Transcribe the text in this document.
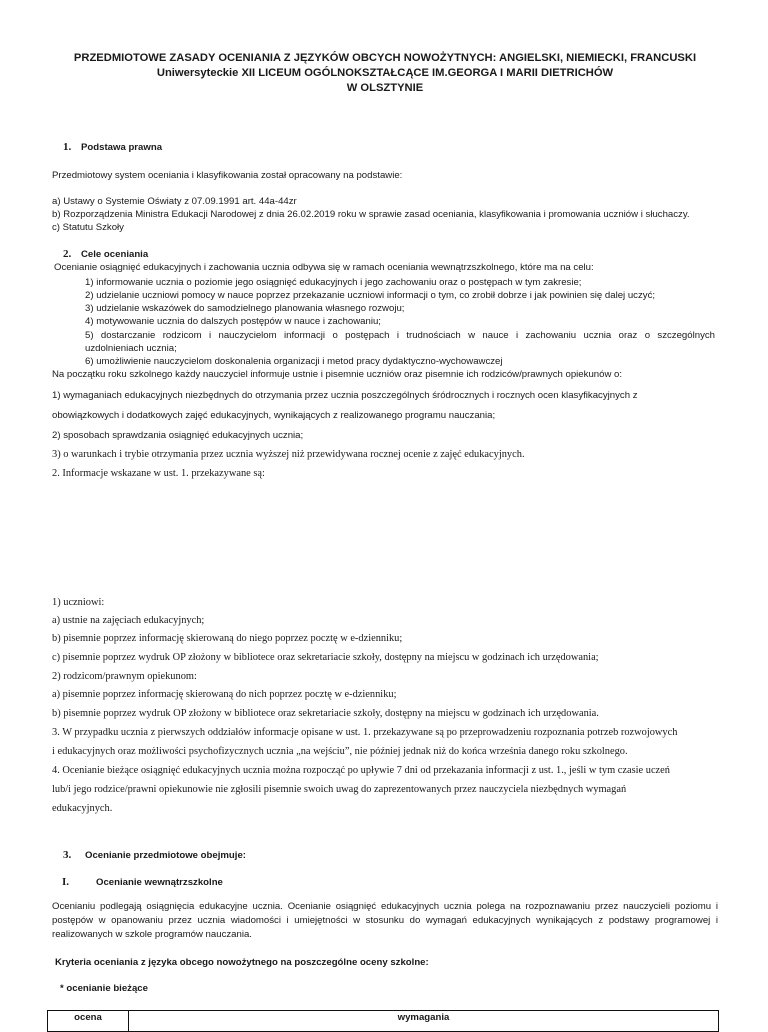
PRZEDMIOTOWE ZASADY OCENIANIA Z JĘZYKÓW OBCYCH NOWOŻYTNYCH: ANGIELSKI, NIEMIECKI, FRANCUSKI
Uniwersyteckie XII LICEUM OGÓLNOKSZTAŁCĄCE IM.GEORGA I MARII DIETRICHÓW
W OLSZTYNIE
1. Podstawa prawna
Przedmiotowy system oceniania i klasyfikowania został opracowany na podstawie:
a) Ustawy o Systemie Oświaty z 07.09.1991 art. 44a-44zr
b) Rozporządzenia Ministra Edukacji Narodowej z dnia 26.02.2019 roku w sprawie zasad oceniania, klasyfikowania i promowania uczniów i słuchaczy.
c) Statutu Szkoły
2. Cele oceniania
Ocenianie osiągnięć edukacyjnych i zachowania ucznia odbywa się w ramach oceniania wewnątrzszkolnego, które ma na celu:
1) informowanie ucznia o poziomie jego osiągnięć edukacyjnych i jego zachowaniu oraz o postępach w tym zakresie;
2) udzielanie uczniowi pomocy w nauce poprzez przekazanie uczniowi informacji o tym, co zrobił dobrze i jak powinien się dalej uczyć;
3) udzielanie wskazówek do samodzielnego planowania własnego rozwoju;
4) motywowanie ucznia do dalszych postępów w nauce i zachowaniu;
5) dostarczanie rodzicom i nauczycielom informacji o postępach i trudnościach w nauce i zachowaniu ucznia oraz o szczególnych
uzdolnieniach ucznia;
6) umożliwienie nauczycielom doskonalenia organizacji i metod pracy dydaktyczno-wychowawczej
Na początku roku szkolnego każdy nauczyciel informuje ustnie i pisemnie uczniów oraz pisemnie ich rodziców/prawnych opiekunów o:
1) wymaganiach edukacyjnych niezbędnych do otrzymania przez ucznia poszczególnych śródrocznych i rocznych ocen klasyfikacyjnych z
obowiązkowych i dodatkowych zajęć edukacyjnych, wynikających z realizowanego programu nauczania;
2) sposobach sprawdzania osiągnięć edukacyjnych ucznia;
3) o warunkach i trybie otrzymania przez ucznia wyższej niż przewidywana rocznej ocenie z zajęć edukacyjnych.
2. Informacje wskazane w ust. 1. przekazywane są:
1) uczniowi:
a) ustnie na zajęciach edukacyjnych;
b) pisemnie poprzez informację skierowaną do niego poprzez pocztę w e-dzienniku;
c) pisemnie poprzez wydruk OP złożony w bibliotece oraz sekretariacie szkoły, dostępny na miejscu w godzinach ich urzędowania;
2) rodzicom/prawnym opiekunom:
a) pisemnie poprzez informację skierowaną do nich poprzez pocztę w e-dzienniku;
b) pisemnie poprzez wydruk OP złożony w bibliotece oraz sekretariacie szkoły, dostępny na miejscu w godzinach ich urzędowania.
3. W przypadku ucznia z pierwszych oddziałów informacje opisane w ust. 1. przekazywane są po przeprowadzeniu rozpoznania potrzeb rozwojowych
i edukacyjnych oraz możliwości psychofizycznych ucznia „na wejściu”, nie później jednak niż do końca września danego roku szkolnego.
4. Ocenianie bieżące osiągnięć edukacyjnych ucznia można rozpocząć po upływie 7 dni od przekazania informacji z ust. 1., jeśli w tym czasie uczeń
lub/i jego rodzice/prawni opiekunowie nie zgłosili pisemnie swoich uwag do zaprezentowanych przez nauczyciela niezbędnych wymagań
edukacyjnych.
3. Ocenianie przedmiotowe obejmuje:
I.	Ocenianie wewnątrzszkolne
Ocenianiu podlegają osiągnięcia edukacyjne ucznia. Ocenianie osiągnięć edukacyjnych ucznia polega na rozpoznawaniu przez nauczycieli poziomu i
postępów w opanowaniu przez ucznia wiadomości i umiejętności w stosunku do wymagań edukacyjnych wynikających z podstawy programowej i
realizowanych w szkole programów nauczania.
Kryteria oceniania z języka obcego nowożytnego na poszczególne oceny szkolne:
* ocenianie bieżące
ocena	wymagania
